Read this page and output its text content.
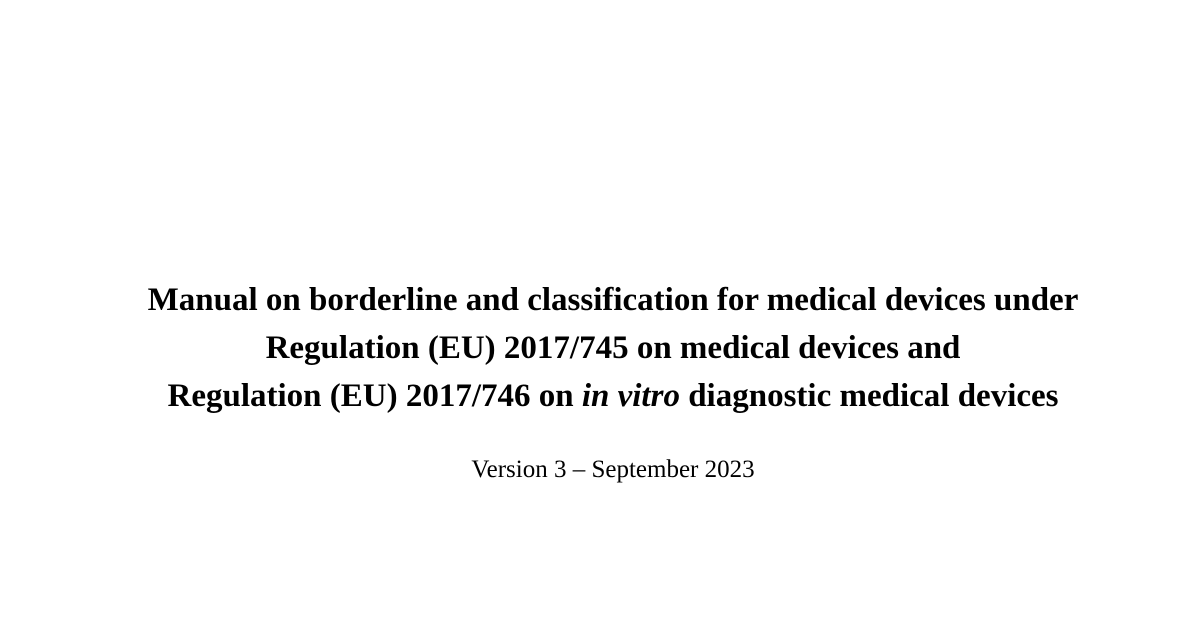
Manual on borderline and classification for medical devices under
Regulation (EU) 2017/745 on medical devices and
Regulation (EU) 2017/746 on in vitro diagnostic medical devices
Version 3 – September 2023
